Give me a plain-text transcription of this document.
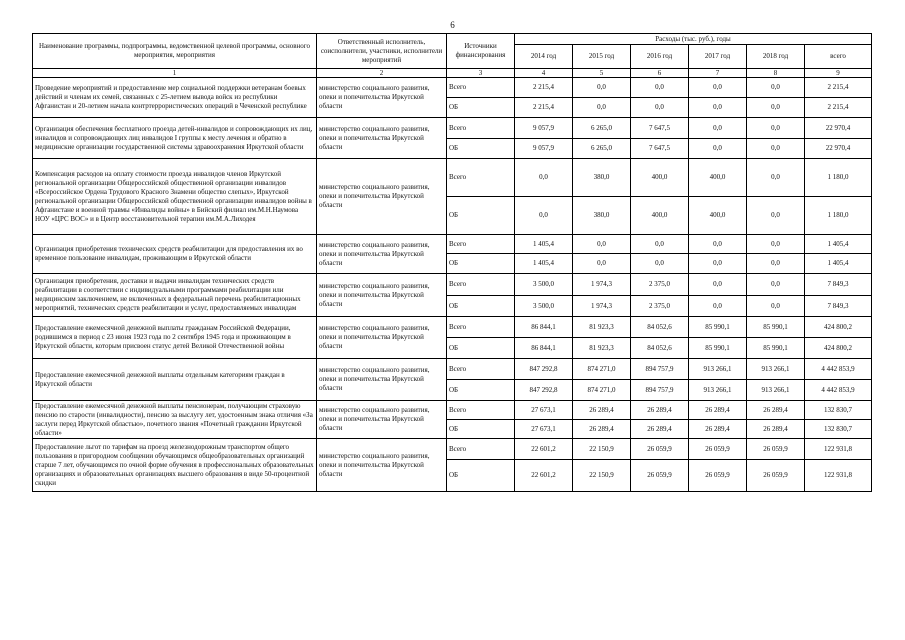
6
Наименование программы, подпрограммы, ведомственной целевой программы, основного мероприятия, мероприятия	Ответственный исполнитель, соисполнители, участники, исполнители мероприятий	Источники финансирования	Расходы (тыс. руб.), годы					
			2014 год	2015 год	2016 год	2017 год	2018 год	всего
1	2	3	4	5	6	7	8	9
Проведение мероприятий и предоставление мер социальной поддержки ветеранам боевых действий и членам их семей, связанных с 25-летием вывода войск из республики Афганистан и 20-летием начала контртеррористических операций в Чеченской республике	министерство социального развития, опеки и попечительства Иркутской области	Всего	2 215,4	0,0	0,0	0,0	0,0	2 215,4
		ОБ	2 215,4	0,0	0,0	0,0	0,0	2 215,4
Организация обеспечения бесплатного проезда детей-инвалидов и сопровождающих их лиц, инвалидов и сопровождающих лиц инвалидов I группы к месту лечения и обратно в медицинские организации государственной системы здравоохранения Иркутской области	министерство социального развития, опеки и попечительства Иркутской области	Всего	9 057,9	6 265,0	7 647,5	0,0	0,0	22 970,4
		ОБ	9 057,9	6 265,0	7 647,5	0,0	0,0	22 970,4
Компенсация расходов на оплату стоимости проезда инвалидов членов Иркутской региональной организации Общероссийской общественной организации инвалидов «Всероссийское Ордена Трудового Красного Знамени общество слепых», Иркутской региональной организации Общероссийской общественной организации инвалидов войны в Афганистане и военной травмы «Инвалиды войны» в Бийский филиал им.М.Н.Наумова НОУ «ЦРС ВОС» и в Центр восстановительной терапии им.М.А.Лиходея	министерство социального развития, опеки и попечительства Иркутской области	Всего	0,0	380,0	400,0	400,0	0,0	1 180,0
		ОБ	0,0	380,0	400,0	400,0	0,0	1 180,0
Организация приобретения технических средств реабилитации для предоставления их во временное пользование инвалидам, проживающим в Иркутской области	министерство социального развития, опеки и попечительства Иркутской области	Всего	1 405,4	0,0	0,0	0,0	0,0	1 405,4
		ОБ	1 405,4	0,0	0,0	0,0	0,0	1 405,4
Организация приобретения, доставки и выдачи инвалидам технических средств реабилитации в соответствии с индивидуальными программами реабилитации или медицинским заключением, не включенных в федеральный перечень реабилитационных мероприятий, технических средств реабилитации и услуг, предоставляемых инвалидам	министерство социального развития, опеки и попечительства Иркутской области	Всего	3 500,0	1 974,3	2 375,0	0,0	0,0	7 849,3
		ОБ	3 500,0	1 974,3	2 375,0	0,0	0,0	7 849,3
Предоставление ежемесячной денежной выплаты гражданам Российской Федерации, родившимся в период с 23 июня 1923 года по 2 сентября 1945 года и проживающим в Иркутской области, которым присвоен статус детей Великой Отечественной войны	министерство социального развития, опеки и попечительства Иркутской области	Всего	86 844,1	81 923,3	84 052,6	85 990,1	85 990,1	424 800,2
		ОБ	86 844,1	81 923,3	84 052,6	85 990,1	85 990,1	424 800,2
Предоставление ежемесячной денежной выплаты отдельным категориям граждан в Иркутской области	министерство социального развития, опеки и попечительства Иркутской области	Всего	847 292,8	874 271,0	894 757,9	913 266,1	913 266,1	4 442 853,9
		ОБ	847 292,8	874 271,0	894 757,9	913 266,1	913 266,1	4 442 853,9
Предоставление ежемесячной денежной выплаты пенсионерам, получающим страховую пенсию по старости (инвалидности), пенсию за выслугу лет, удостоенным знака отличия «За заслуги перед Иркутской областью», почетного звания «Почетный гражданин Иркутской области»	министерство социального развития, опеки и попечительства Иркутской области	Всего	27 673,1	26 289,4	26 289,4	26 289,4	26 289,4	132 830,7
		ОБ	27 673,1	26 289,4	26 289,4	26 289,4	26 289,4	132 830,7
Предоставление льгот по тарифам на проезд железнодорожным транспортом общего пользования в пригородном сообщении обучающимся общеобразовательных организаций старше 7 лет, обучающимся по очной форме обучения в профессиональных образовательных организациях и образовательных организациях высшего образования в виде 50-процентной скидки	министерство социального развития, опеки и попечительства Иркутской области	Всего	22 601,2	22 150,9	26 059,9	26 059,9	26 059,9	122 931,8
		ОБ	22 601,2	22 150,9	26 059,9	26 059,9	26 059,9	122 931,8
